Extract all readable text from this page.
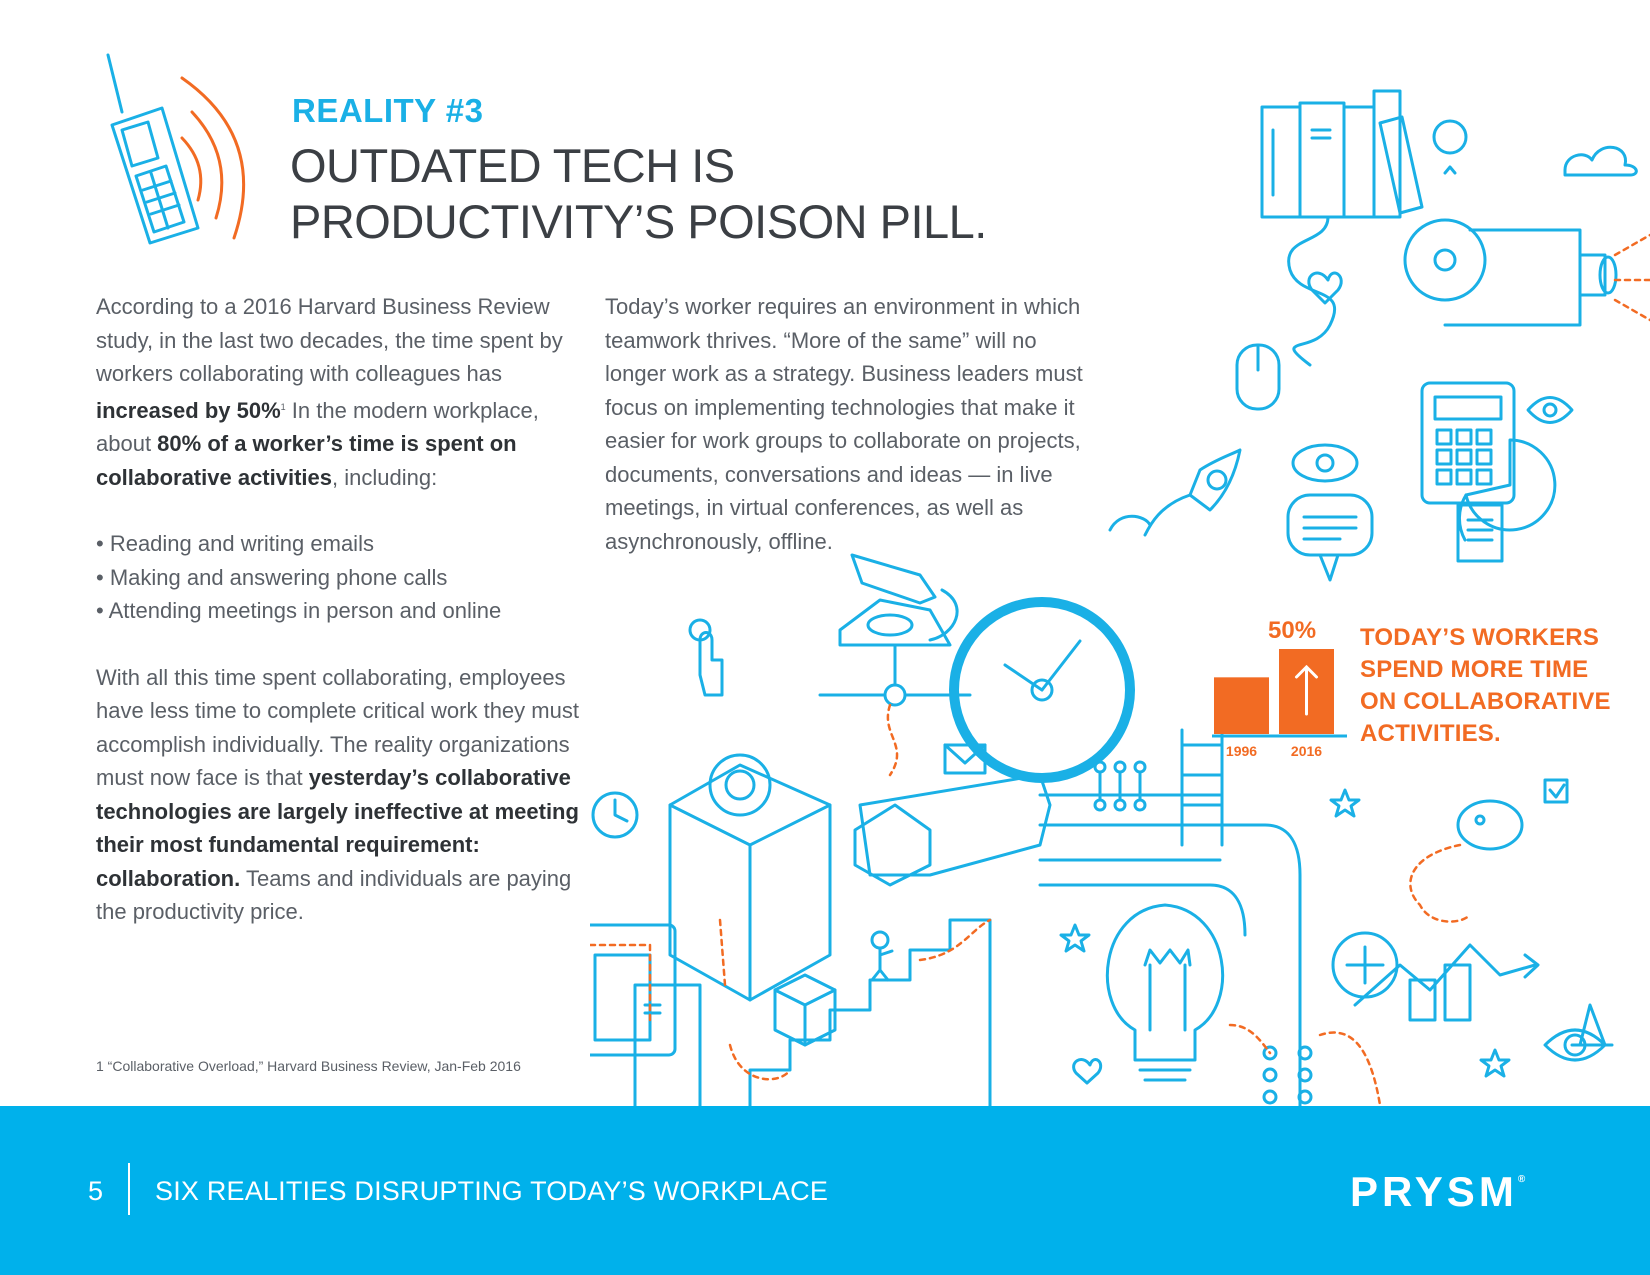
REALITY #3
OUTDATED TECH IS
PRODUCTIVITY’S POISON PILL.
According to a 2016 Harvard Business Review study, in the last two decades, the time spent by workers collaborating with colleagues has increased by 50%$^1$ In the modern workplace, about 80% of a worker’s time is spent on collaborative activities, including:
• Reading and writing emails
• Making and answering phone calls
• Attending meetings in person and online
With all this time spent collaborating, employees have less time to complete critical work they must accomplish individually. The reality organizations must now face is that yesterday’s collaborative technologies are largely ineffective at meeting their most fundamental requirement: collaboration. Teams and individuals are paying the productivity price.
Today’s worker requires an environment in which teamwork thrives. “More of the same” will no longer work as a strategy. Business leaders must focus on implementing technologies that make it easier for work groups to collaborate on projects, documents, conversations and ideas — in live meetings, in virtual conferences, as well as asynchronously, offline.
1 “Collaborative Overload,” Harvard Business Review, Jan-Feb 2016
1996 2016
50% TODAY’S WORKERS
SPEND MORE TIME
ON COLLABORATIVE
ACTIVITIES.
5 SIX REALITIES DISRUPTING TODAY’S WORKPLACE	PRYSM®
